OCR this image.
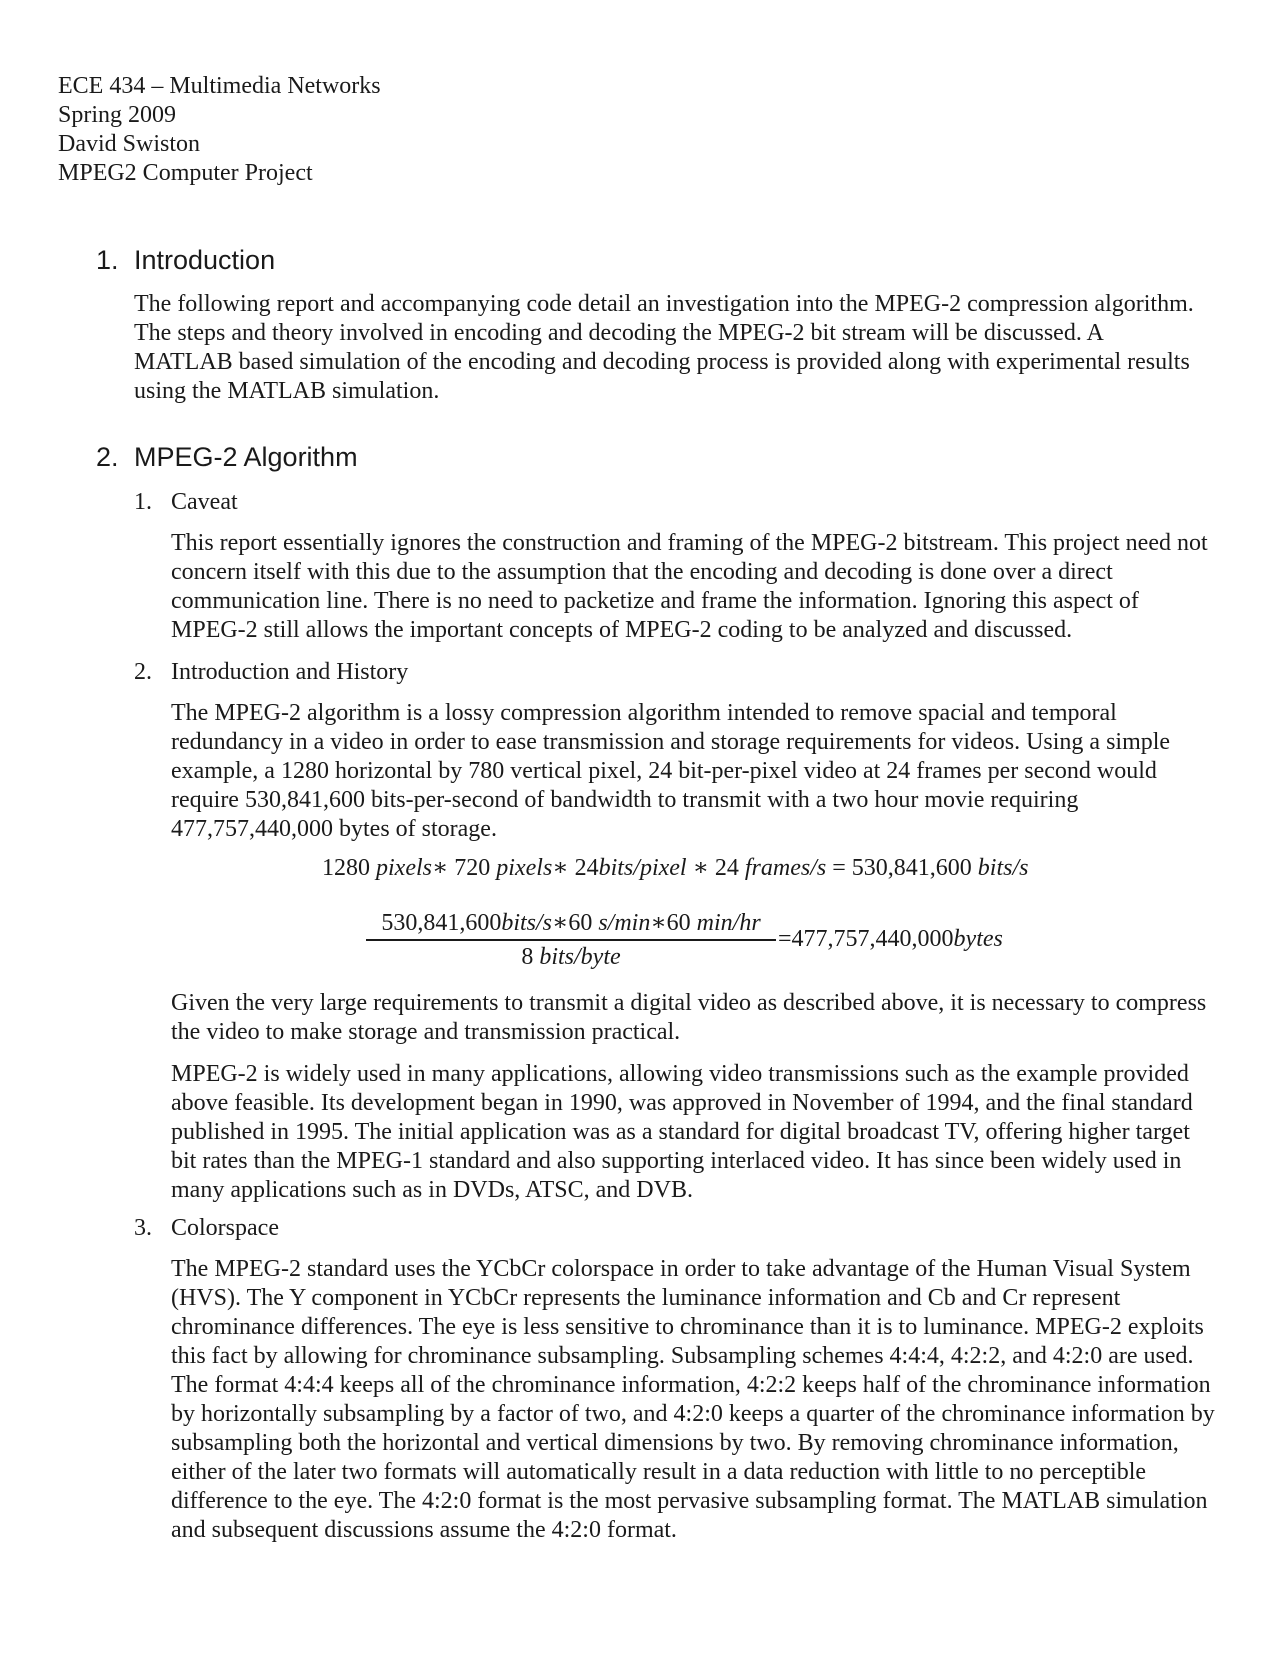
ECE 434 – Multimedia Networks
Spring 2009
David Swiston
MPEG2 Computer Project
1. Introduction

The following report and accompanying code detail an investigation into the MPEG-2 compression algorithm. The steps and theory involved in encoding and decoding the MPEG-2 bit stream will be discussed. A MATLAB based simulation of the encoding and decoding process is provided along with experimental results using the MATLAB simulation.

2. MPEG-2 Algorithm
1. Caveat

This report essentially ignores the construction and framing of the MPEG-2 bitstream. This project need not concern itself with this due to the assumption that the encoding and decoding is done over a direct communication line. There is no need to packetize and frame the information. Ignoring this aspect of MPEG-2 still allows the important concepts of MPEG-2 coding to be analyzed and discussed.

2. Introduction and History

The MPEG-2 algorithm is a lossy compression algorithm intended to remove spacial and temporal redundancy in a video in order to ease transmission and storage requirements for videos. Using a simple example, a 1280 horizontal by 780 vertical pixel, 24 bit-per-pixel video at 24 frames per second would require 530,841,600 bits-per-second of bandwidth to transmit with a two hour movie requiring 477,757,440,000 bytes of storage.

1280 pixels∗ 720 pixels∗ 24bits/pixel ∗ 24 frames/s = 530,841,600 bits/s
530,841,600bits/s∗60 s/min∗60 min/hr
8 bits/byte
=477,757,440,000bytes

Given the very large requirements to transmit a digital video as described above, it is necessary to compress the video to make storage and transmission practical.

MPEG-2 is widely used in many applications, allowing video transmissions such as the example provided above feasible. Its development began in 1990, was approved in November of 1994, and the final standard published in 1995. The initial application was as a standard for digital broadcast TV, offering higher target bit rates than the MPEG-1 standard and also supporting interlaced video. It has since been widely used in many applications such as in DVDs, ATSC, and DVB.

3. Colorspace

The MPEG-2 standard uses the YCbCr colorspace in order to take advantage of the Human Visual System (HVS). The Y component in YCbCr represents the luminance information and Cb and Cr represent chrominance differences. The eye is less sensitive to chrominance than it is to luminance. MPEG-2 exploits this fact by allowing for chrominance subsampling. Subsampling schemes 4:4:4, 4:2:2, and 4:2:0 are used. The format 4:4:4 keeps all of the chrominance information, 4:2:2 keeps half of the chrominance information by horizontally subsampling by a factor of two, and 4:2:0 keeps a quarter of the chrominance information by subsampling both the horizontal and vertical dimensions by two. By removing chrominance information, either of the later two formats will automatically result in a data reduction with little to no perceptible difference to the eye. The 4:2:0 format is the most pervasive subsampling format. The MATLAB simulation and subsequent discussions assume the 4:2:0 format.
